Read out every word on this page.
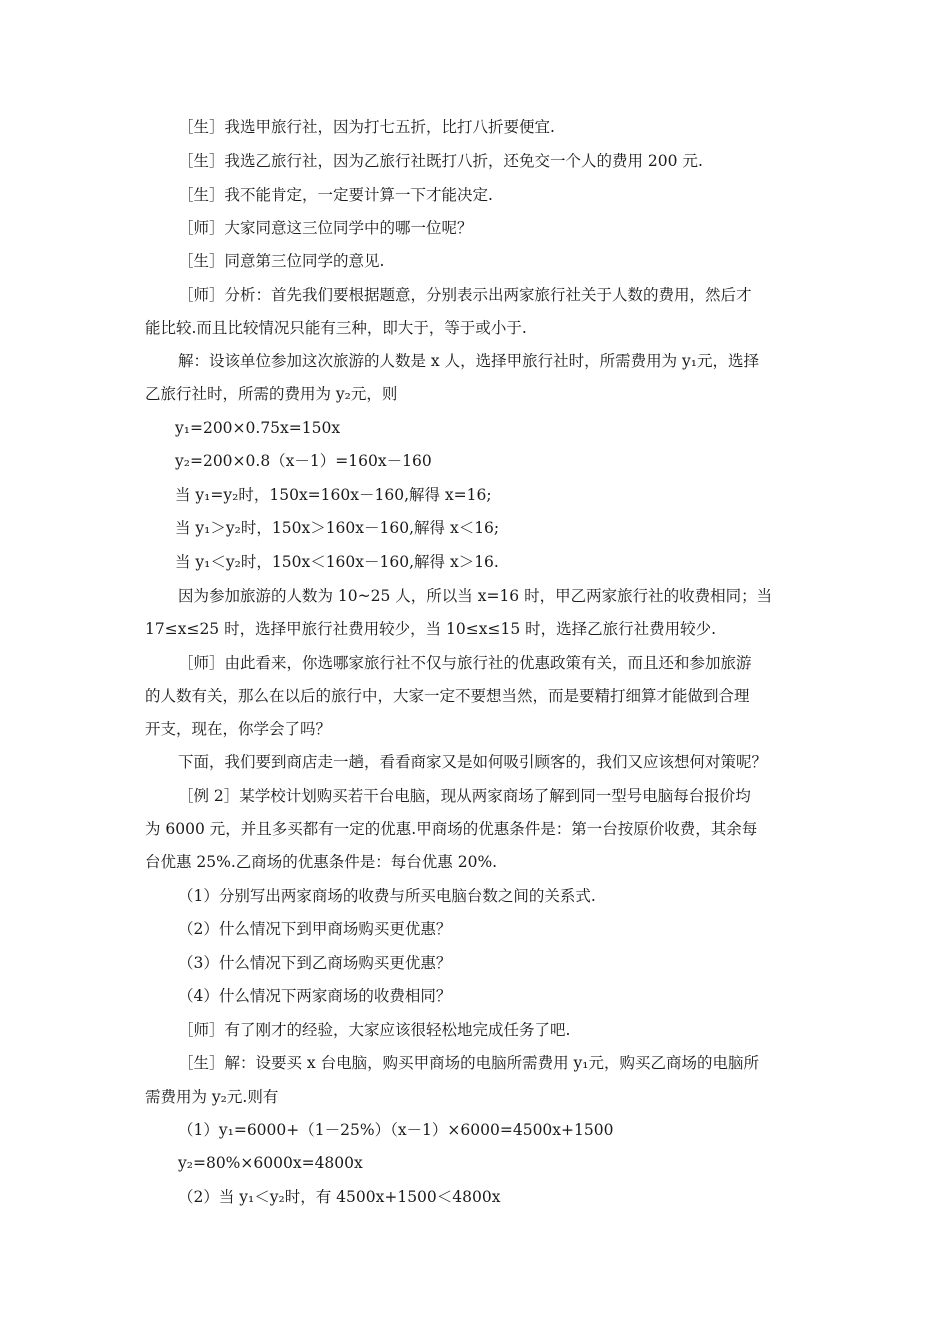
［生］我选甲旅行社，因为打七五折，比打八折要便宜.
［生］我选乙旅行社，因为乙旅行社既打八折，还免交一个人的费用 200 元.
［生］我不能肯定，一定要计算一下才能决定.
［师］大家同意这三位同学中的哪一位呢？
［生］同意第三位同学的意见.
［师］分析：首先我们要根据题意，分别表示出两家旅行社关于人数的费用，然后才
能比较.而且比较情况只能有三种，即大于，等于或小于.
解：设该单位参加这次旅游的人数是 x 人，选择甲旅行社时，所需费用为 y₁元，选择
乙旅行社时，所需的费用为 y₂元，则
y₁=200×0.75x=150x
y₂=200×0.8（x－1）=160x－160
当 y₁=y₂时，150x=160x－160,解得 x=16;
当 y₁＞y₂时，150x＞160x－160,解得 x＜16;
当 y₁＜y₂时，150x＜160x－160,解得 x＞16.
因为参加旅游的人数为 10~25 人，所以当 x=16 时，甲乙两家旅行社的收费相同；当
17≤x≤25 时，选择甲旅行社费用较少，当 10≤x≤15 时，选择乙旅行社费用较少.
［师］由此看来，你选哪家旅行社不仅与旅行社的优惠政策有关，而且还和参加旅游
的人数有关，那么在以后的旅行中，大家一定不要想当然，而是要精打细算才能做到合理
开支，现在，你学会了吗？
下面，我们要到商店走一趟，看看商家又是如何吸引顾客的，我们又应该想何对策呢？
［例 2］某学校计划购买若干台电脑，现从两家商场了解到同一型号电脑每台报价均
为 6000 元，并且多买都有一定的优惠.甲商场的优惠条件是：第一台按原价收费，其余每
台优惠 25%.乙商场的优惠条件是：每台优惠 20%.
（1）分别写出两家商场的收费与所买电脑台数之间的关系式.
（2）什么情况下到甲商场购买更优惠？
（3）什么情况下到乙商场购买更优惠？
（4）什么情况下两家商场的收费相同？
［师］有了刚才的经验，大家应该很轻松地完成任务了吧.
［生］解：设要买 x 台电脑，购买甲商场的电脑所需费用 y₁元，购买乙商场的电脑所
需费用为 y₂元.则有
（1）y₁=6000+（1－25%）（x－1）×6000=4500x+1500
y₂=80%×6000x=4800x
（2）当 y₁＜y₂时，有 4500x+1500＜4800x
